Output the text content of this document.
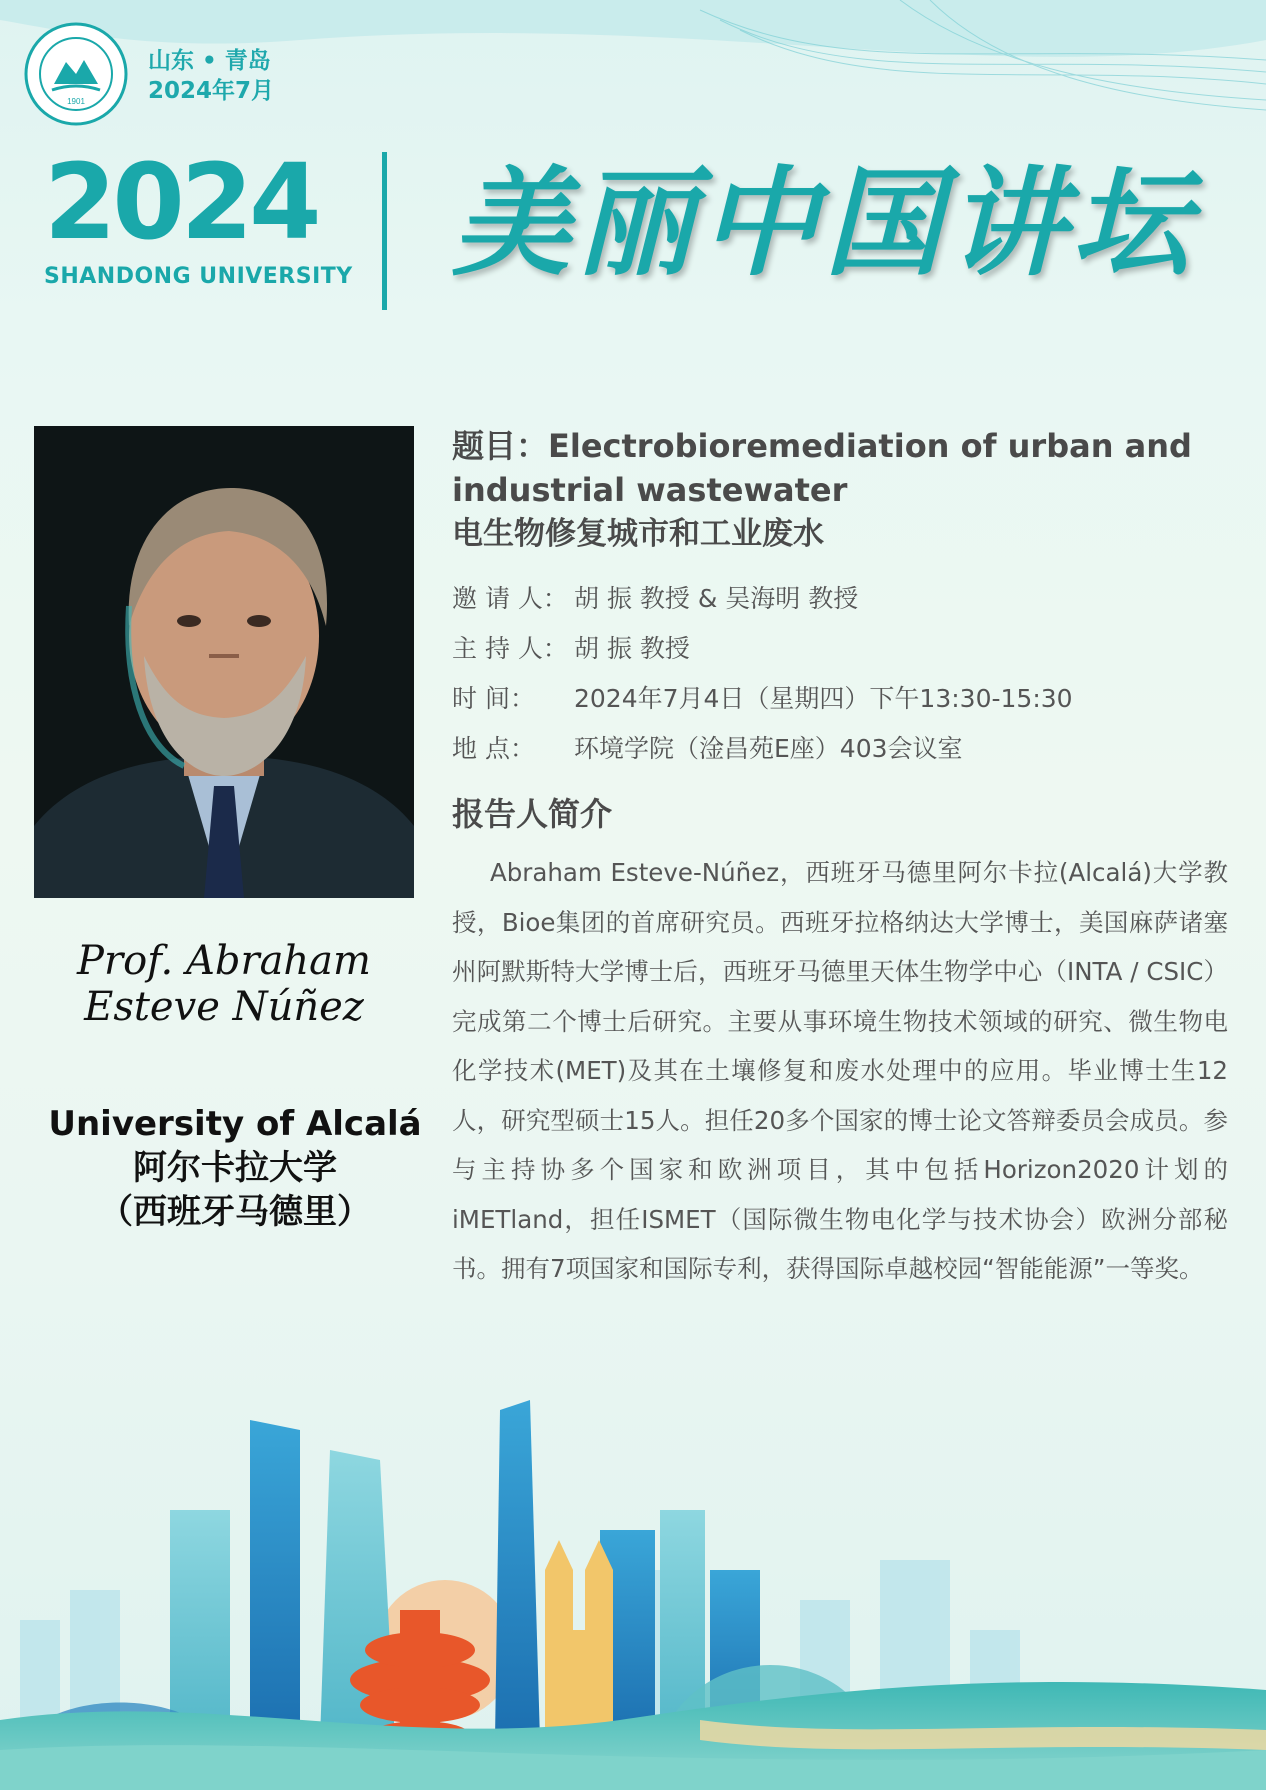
1901
山东 • 青岛
2024年7月
2024
SHANDONG UNIVERSITY 美丽中国讲坛
Prof. Abraham
Esteve Núñez
University of Alcalá
阿尔卡拉大学
（西班牙马德里）
题目：Electrobioremediation of urban and
industrial wastewater
电生物修复城市和工业废水
邀 请 人： 胡 振 教授 & 吴海明 教授
主 持 人： 胡 振 教授
时 间： 2024年7月4日（星期四）下午13:30-15:30
地 点： 环境学院（淦昌苑E座）403会议室
报告人简介
Abraham Esteve-Núñez，西班牙马德里阿尔卡拉(Alcalá)大学教授，Bioe集团的首席研究员。西班牙拉格纳达大学博士，美国麻萨诸塞州阿默斯特大学博士后，西班牙马德里天体生物学中心（INTA / CSIC）完成第二个博士后研究。主要从事环境生物技术领域的研究、微生物电化学技术(MET)及其在土壤修复和废水处理中的应用。毕业博士生12人，研究型硕士15人。担任20多个国家的博士论文答辩委员会成员。参与主持协多个国家和欧洲项目，其中包括Horizon2020计划的iMETland，担任ISMET（国际微生物电化学与技术协会）欧洲分部秘书。拥有7项国家和国际专利，获得国际卓越校园“智能能源”一等奖。
